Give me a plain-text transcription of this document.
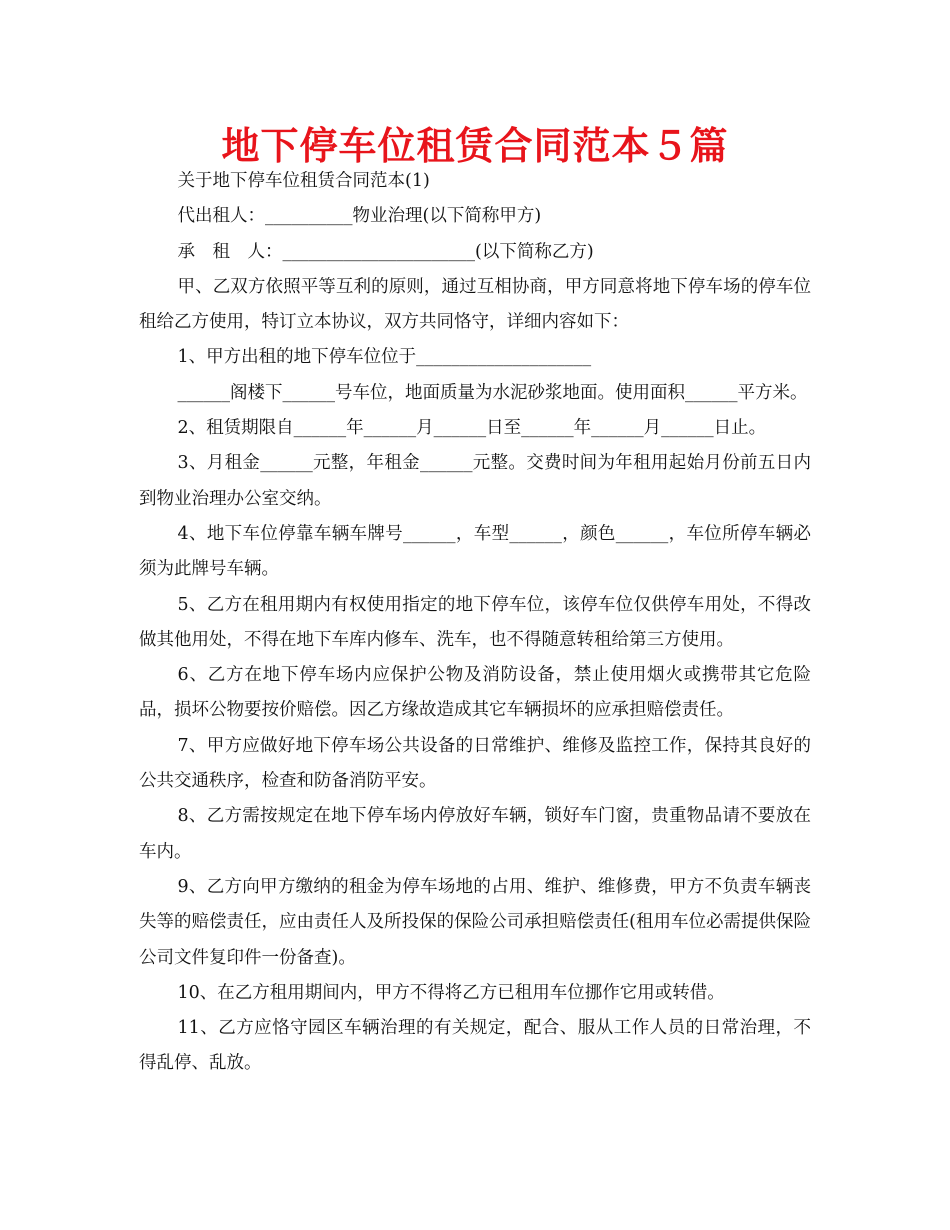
地下停车位租赁合同范本５篇

关于地下停车位租赁合同范本(1)

代出租人：__________物业治理(以下简称甲方)

承　租　人：______________________(以下简称乙方)

甲、乙双方依照平等互利的原则，通过互相协商，甲方同意将地下停车场的停车位租给乙方使用，特订立本协议，双方共同恪守，详细内容如下：

1、甲方出租的地下停车位位于____________________

______阁楼下______号车位，地面质量为水泥砂浆地面。使用面积______平方米。

2、租赁期限自______年______月______日至______年______月______日止。

3、月租金______元整，年租金______元整。交费时间为年租用起始月份前五日内到物业治理办公室交纳。

4、地下车位停靠车辆车牌号______，车型______，颜色______，车位所停车辆必须为此牌号车辆。

5、乙方在租用期内有权使用指定的地下停车位，该停车位仅供停车用处，不得改做其他用处，不得在地下车库内修车、洗车，也不得随意转租给第三方使用。

6、乙方在地下停车场内应保护公物及消防设备，禁止使用烟火或携带其它危险品，损坏公物要按价赔偿。因乙方缘故造成其它车辆损坏的应承担赔偿责任。

7、甲方应做好地下停车场公共设备的日常维护、维修及监控工作，保持其良好的公共交通秩序，检查和防备消防平安。

8、乙方需按规定在地下停车场内停放好车辆，锁好车门窗，贵重物品请不要放在车内。

9、乙方向甲方缴纳的租金为停车场地的占用、维护、维修费，甲方不负责车辆丧失等的赔偿责任，应由责任人及所投保的保险公司承担赔偿责任(租用车位必需提供保险公司文件复印件一份备查)。

10、在乙方租用期间内，甲方不得将乙方已租用车位挪作它用或转借。

11、乙方应恪守园区车辆治理的有关规定，配合、服从工作人员的日常治理，不得乱停、乱放。
